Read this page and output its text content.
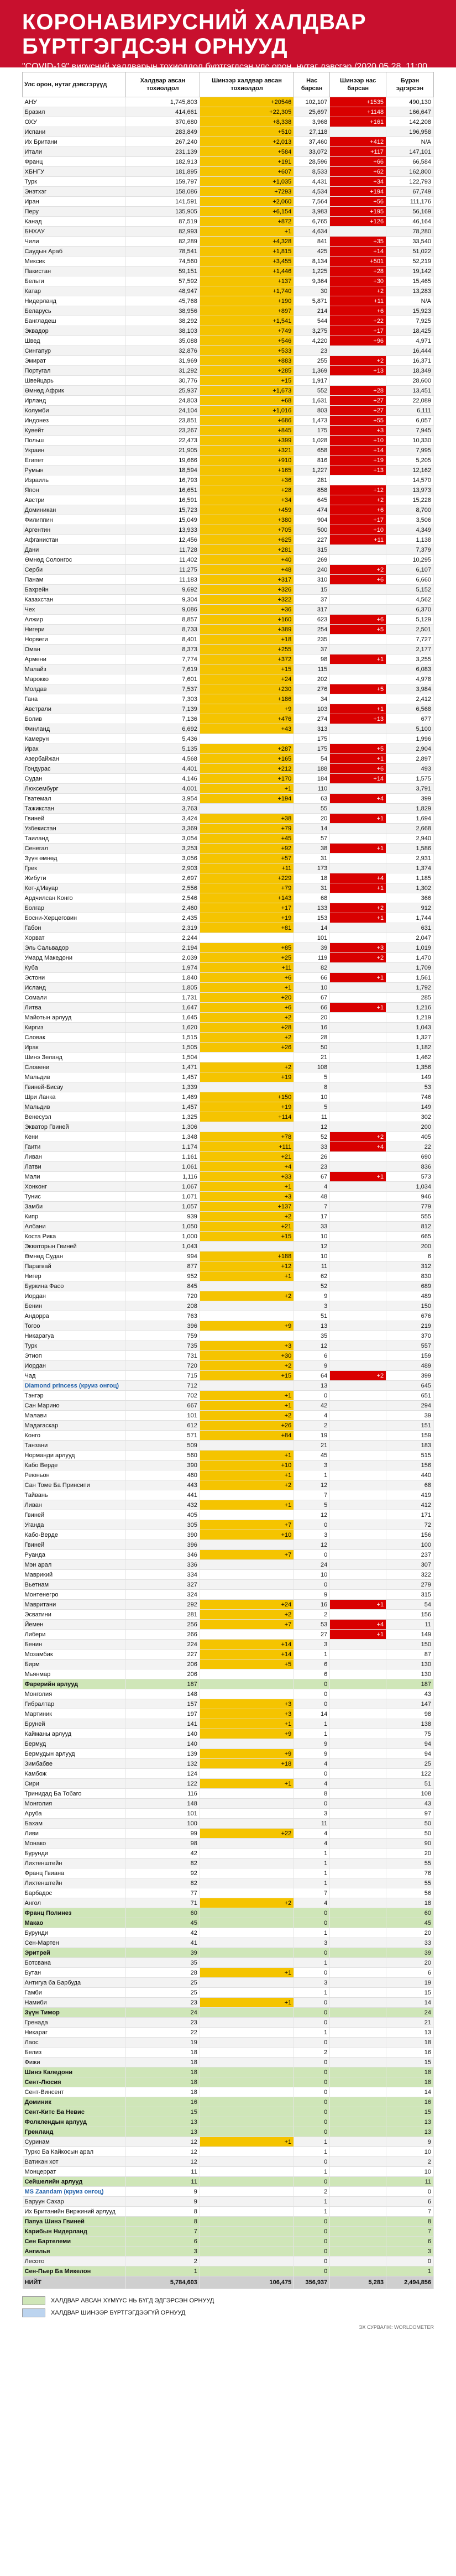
КОРОНАВИРУСНИЙ ХАЛДВАР
БҮРТГЭГДСЭН ОРНУУД
"COVID-19" вирусний халдварын тохиолдол бүртгэгдсэн улс орон, нутаг дэвсгэр /2020.05.28, 11:00 цагийн байдлаар/
Улс орон, нутаг дэвсгэрүүд	Халдвар авсан тохиолдол	Шинээр халдвар авсан тохиолдол	Нас барсан	Шинээр нас барсан	Бүрэн эдгэрсэн
АНУ	1,745,803	+20546	102,107	+1535	490,130
Бразил	414,661	+22,305	25,697	+1148	166,647
ОХУ	370,680	+8,338	3,968	+161	142,208
Испани	283,849	+510	27,118		196,958
Их Британи	267,240	+2,013	37,460	+412	N/A
Итали	231,139	+584	33,072	+117	147,101
Франц	182,913	+191	28,596	+66	66,584
ХБНГУ	181,895	+607	8,533	+62	162,800
Турк	159,797	+1,035	4,431	+34	122,793
Энэтхэг	158,086	+7293	4,534	+194	67,749
Иран	141,591	+2,060	7,564	+56	111,176
Перу	135,905	+6,154	3,983	+195	56,169
Канад	87,519	+872	6,765	+126	46,164
БНХАУ	82,993	+1	4,634		78,280
Чили	82,289	+4,328	841	+35	33,540
Саудын Араб	78,541	+1,815	425	+14	51,022
Мексик	74,560	+3,455	8,134	+501	52,219
Пакистан	59,151	+1,446	1,225	+28	19,142
Бельги	57,592	+137	9,364	+30	15,465
Катар	48,947	+1,740	30	+2	13,283
Нидерланд	45,768	+190	5,871	+11	N/A
Беларусь	38,956	+897	214	+6	15,923
Бангладеш	38,292	+1,541	544	+22	7,925
Эквадор	38,103	+749	3,275	+17	18,425
Швед	35,088	+546	4,220	+96	4,971
Сингапур	32,876	+533	23		16,444
Эмират	31,969	+883	255	+2	16,371
Португал	31,292	+285	1,369	+13	18,349
Швейцарь	30,776	+15	1,917		28,600
Өмнөд Африк	25,937	+1,673	552	+28	13,451
Ирланд	24,803	+68	1,631	+27	22,089
Колумби	24,104	+1,016	803	+27	6,111
Индонез	23,851	+686	1,473	+55	6,057
Кувейт	23,267	+845	175	+3	7,945
Польш	22,473	+399	1,028	+10	10,330
Украин	21,905	+321	658	+14	7,995
Египет	19,666	+910	816	+19	5,205
Румын	18,594	+165	1,227	+13	12,162
Израиль	16,793	+36	281		14,570
Япон	16,651	+28	858	+12	13,973
Австри	16,591	+34	645	+2	15,228
Доминикан	15,723	+459	474	+6	8,700
Филиппин	15,049	+380	904	+17	3,506
Аргентин	13,933	+705	500	+10	4,349
Афганистан	12,456	+625	227	+11	1,138
Дани	11,728	+281	315		7,379
Өмнөд Солонгос	11,402	+40	269		10,295
Серби	11,275	+48	240	+2	6,107
Панам	11,183	+317	310	+6	6,660
Бахрейн	9,692	+326	15		5,152
Казахстан	9,304	+322	37		4,562
Чех	9,086	+36	317		6,370
Алжир	8,857	+160	623	+6	5,129
Нигери	8,733	+389	254	+5	2,501
Норвеги	8,401	+18	235		7,727
Оман	8,373	+255	37		2,177
Армени	7,774	+372	98	+1	3,255
Малайз	7,619	+15	115		6,083
Марокко	7,601	+24	202		4,978
Молдав	7,537	+230	276	+5	3,984
Гана	7,303	+186	34		2,412
Австрали	7,139	+9	103	+1	6,568
Болив	7,136	+476	274	+13	677
Финланд	6,692	+43	313		5,100
Камерун	5,436		175		1,996
Ирак	5,135	+287	175	+5	2,904
Азербайжан	4,568	+165	54	+1	2,897
Гондурас	4,401	+212	188	+6	493
Судан	4,146	+170	184	+14	1,575
Люксембург	4,001	+1	110		3,791
Гватемал	3,954	+194	63	+4	399
Тажикстан	3,763		55		1,829
Гвиней	3,424	+38	20	+1	1,694
Узбекистан	3,369	+79	14		2,668
Таиланд	3,054	+45	57		2,940
Сенегал	3,253	+92	38	+1	1,586
Зүүн өмнөд	3,056	+57	31		2,931
Грек	2,903	+11	173		1,374
Жибути	2,697	+229	18	+4	1,185
Кот-д'Ивуар	2,556	+79	31	+1	1,302
Ардчилсан Конго	2,546	+143	68		366
Болгар	2,460	+17	133	+2	912
Босни-Херцеговин	2,435	+19	153	+1	1,744
Габон	2,319	+81	14		631
Хорват	2,244		101		2,047
Эль Сальвадор	2,194	+85	39	+3	1,019
Умард Македони	2,039	+25	119	+2	1,470
Куба	1,974	+11	82		1,709
Эстони	1,840	+6	66	+1	1,561
Исланд	1,805	+1	10		1,792
Сомали	1,731	+20	67		285
Литва	1,647	+6	66	+1	1,216
Майотын арлууд	1,645	+2	20		1,219
Киргиз	1,620	+28	16		1,043
Словак	1,515	+2	28		1,327
Ирак	1,505	+26	50		1,182
Шинэ Зеланд	1,504		21		1,462
Словени	1,471	+2	108		1,356
Мальдив	1,457	+19	5		149
Гвиней-Бисау	1,339		8		53
Шри Ланка	1,469	+150	10		746
Мальдив	1,457	+19	5		149
Венесуэл	1,325	+114	11		302
Экватор Гвиней	1,306		12		200
Кени	1,348	+78	52	+2	405
Гаити	1,174	+111	33	+4	22
Ливан	1,161	+21	26		690
Латви	1,061	+4	23		836
Мали	1,116	+33	67	+1	573
Хонконг	1,067	+1	4		1,034
Тунис	1,071	+3	48		946
Замби	1,057	+137	7		779
Кипр	939	+2	17		555
Албани	1,050	+21	33		812
Коста Рика	1,000	+15	10		665
Экваторын Гвиней	1,043		12		200
Өмнөд Судан	994	+188	10		6
Парагвай	877	+12	11		312
Нигер	952	+1	62		830
Буркина Фасо	845		52		689
Иордан	720	+2	9		489
Бенин	208		3		150
Андорра	763		51		676
Тогоо	396	+9	13		219
Никарагуа	759		35		370
Турк	735	+3	12		557
Этиоп	731	+30	6		159
Иордан	720	+2	9		489
Чад	715	+15	64	+2	399
Diamond princess (круиз онгоц)	712		13		645
Тэнгэр	702	+1	0		651
Сан Марино	667	+1	42		294
Малави	101	+2	4		39
Мадагаскар	612	+26	2		151
Конго	571	+84	19		159
Танзани	509		21		183
Норманди арлууд	560	+1	45		515
Кабо Верде	390	+10	3		156
Реюньон	460	+1	1		440
Сан Томе Ба Принсипи	443	+2	12		68
Тайвань	441		7		419
Ливан	432	+1	5		412
Гвиней	405		12		171
Уганда	305	+7	0		72
Кабо-Верде	390	+10	3		156
Гвиней	396		12		100
Руанда	346	+7	0		237
Мэн арал	336		24		307
Маврикий	334		10		322
Вьетнам	327		0		279
Монтенегро	324		9		315
Мавритани	292	+24	16	+1	54
Эсватини	281	+2	2		156
Йемен	256	+7	53	+4	11
Либери	266		27	+1	149
Бенин	224	+14	3		150
Мозамбик	227	+14	1		87
Бирм	206	+5	6		130
Мьянмар	206		6		130
Фарерийн арлууд	187		0		187
Монголия	148		0		43
Гибралтар	157	+3	0		147
Мартиник	197	+3	14		98
Бруней	141	+1	1		138
Кайманы арлууд	140	+9	1		75
Бермуд	140		9		94
Бермудын арлууд	139	+9	9		94
Зимбабве	132	+18	4		25
Камбож	124		0		122
Сири	122	+1	4		51
Тринидад Ба Тобаго	116		8		108
Монголия	148		0		43
Аруба	101		3		97
Бахам	100		11		50
Ливи	99	+22	4		50
Монако	98		4		90
Бурунди	42		1		20
Лихтенштейн	82		1		55
Франц Гвиана	92		1		76
Лихтенштейн	82		1		55
Барбадос	77		7		56
Ангол	71	+2	4		18
Франц Полинез	60		0		60
Макао	45		0		45
Бурунди	42		1		20
Сен-Мартен	41		3		33
Эритрей	39		0		39
Ботсвана	35		1		20
Бутан	28	+1	0		6
Антигуа ба Барбуда	25		3		19
Гамби	25		1		15
Намиби	23	+1	0		14
Зүүн Тимор	24		0		24
Гренада	23		0		21
Никараг	22		1		13
Лаос	19		0		18
Белиз	18		2		16
Фижи	18		0		15
Шинэ Каледони	18		0		18
Сент-Люсия	18		0		18
Сент-Винсент	18		0		14
Доминик	16		0		16
Сент-Китс Ба Невис	15		0		15
Фолклендын арлууд	13		0		13
Гренланд	13		0		13
Суринам	12	+1	1		9
Туркс Ба Кайкосын арал	12		1		10
Ватикан хот	12		0		2
Монцеррат	11		1		10
Сейшелийн арлууд	11		0		11
MS Zaandam (круиз онгоц)	9		2		0
Баруун Сахар	9		1		6
Их Британийн Виржиний арлууд	8		1		7
Папуа Шинэ Гвиней	8		0		8
Карибын Нидерланд	7		0		7
Сен Бартелеми	6		0		6
Ангилья	3		0		3
Лесото	2		0		0
Сен-Пьер Ба Микелон	1		0		1
НИЙТ	5,784,603	106,475	356,937	5,283	2,494,856
ХАЛДВАР АВСАН ХҮМҮҮС НЬ БҮГД ЭДГЭРСЭН ОРНУУД
ХАЛДВАР ШИНЭЭР БҮРТГЭГДЭЭГҮЙ ОРНУУД
ЭХ СУРВАЛЖ: WORLDOMETER
